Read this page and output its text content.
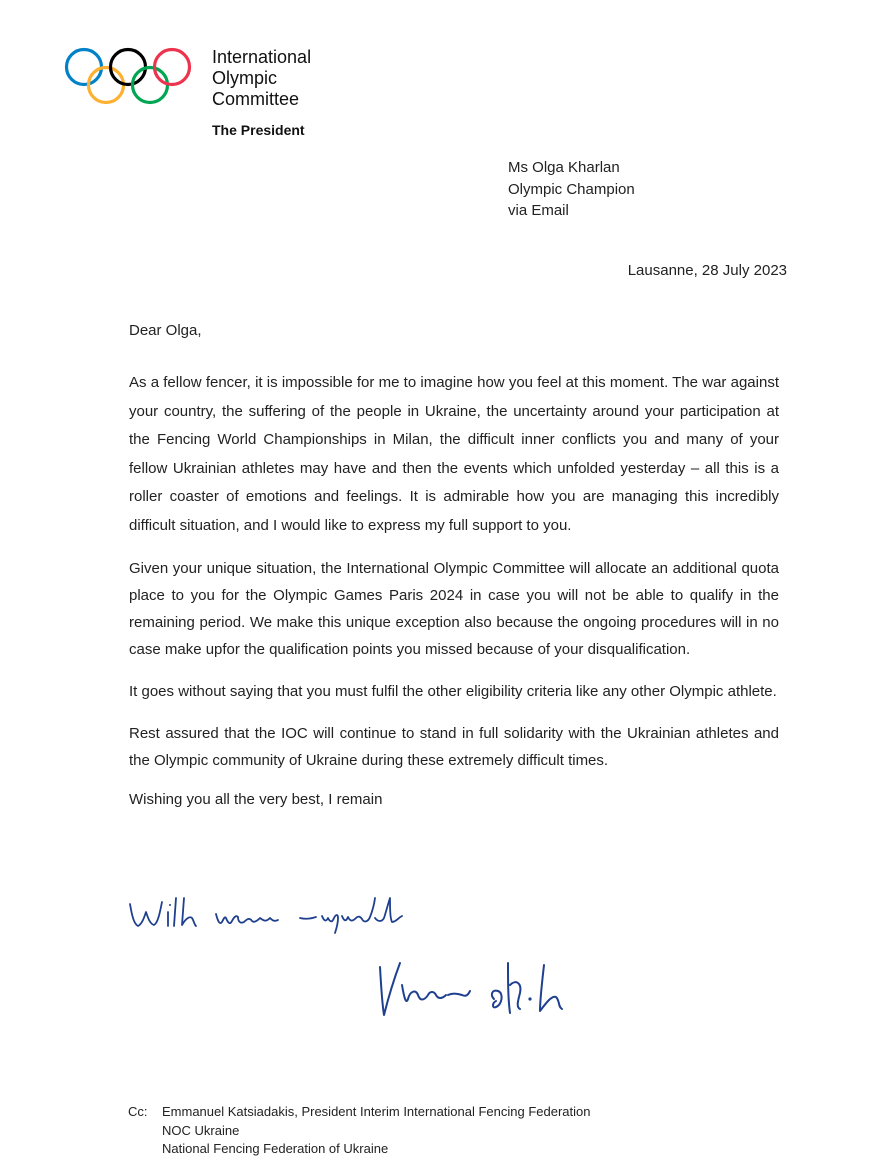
International
Olympic
Committee
The President
Ms Olga Kharlan
Olympic Champion
via Email
Lausanne, 28 July 2023
Dear Olga,

As a fellow fencer, it is impossible for me to imagine how you feel at this moment. The war against your country, the suffering of the people in Ukraine, the uncertainty around your participation at the Fencing World Championships in Milan, the difficult inner conflicts you and many of your fellow Ukrainian athletes may have and then the events which unfolded yesterday – all this is a roller coaster of emotions and feelings. It is admirable how you are managing this incredibly difficult situation, and I would like to express my full support to you.

Given your unique situation, the International Olympic Committee will allocate an additional quota place to you for the Olympic Games Paris 2024 in case you will not be able to qualify in the remaining period. We make this unique exception also because the ongoing procedures will in no case make upfor the qualification points you missed because of your disqualification.

It goes without saying that you must fulfil the other eligibility criteria like any other Olympic athlete.

Rest assured that the IOC will continue to stand in full solidarity with the Ukrainian athletes and the Olympic community of Ukraine during these extremely difficult times.

Wishing you all the very best, I remain
Cc: Emmanuel Katsiadakis, President Interim International Fencing Federation
NOC Ukraine
National Fencing Federation of Ukraine
